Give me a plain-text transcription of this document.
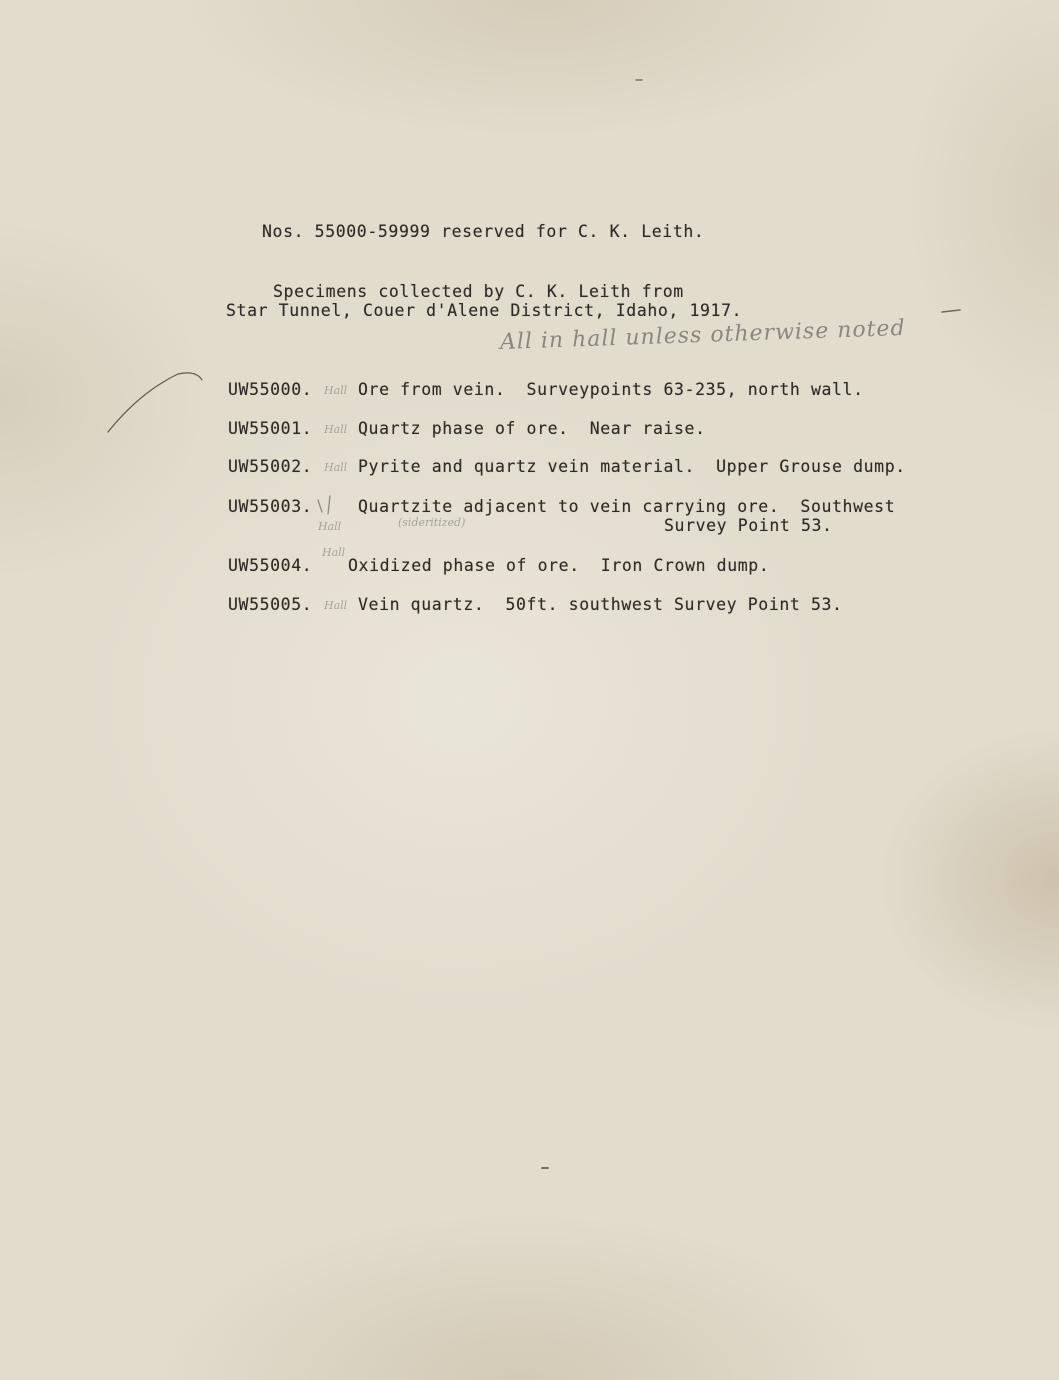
Nos. 55000-59999 reserved for C. K. Leith.
Specimens collected by C. K. Leith from
Star Tunnel, Couer d'Alene District, Idaho, 1917.
All in hall unless otherwise noted
UW55000. Hall Ore from vein.  Surveypoints 63-235, north wall.
UW55001. Hall Quartz phase of ore.  Near raise.
UW55002. Hall Pyrite and quartz vein material.  Upper Grouse dump.
UW55003.
Hall	(sideritized)
Quartzite adjacent to vein carrying ore.  Southwest
Survey Point 53.
UW55004.
Hall
Oxidized phase of ore.  Iron Crown dump.
UW55005. Hall Vein quartz.  50ft. southwest Survey Point 53.
